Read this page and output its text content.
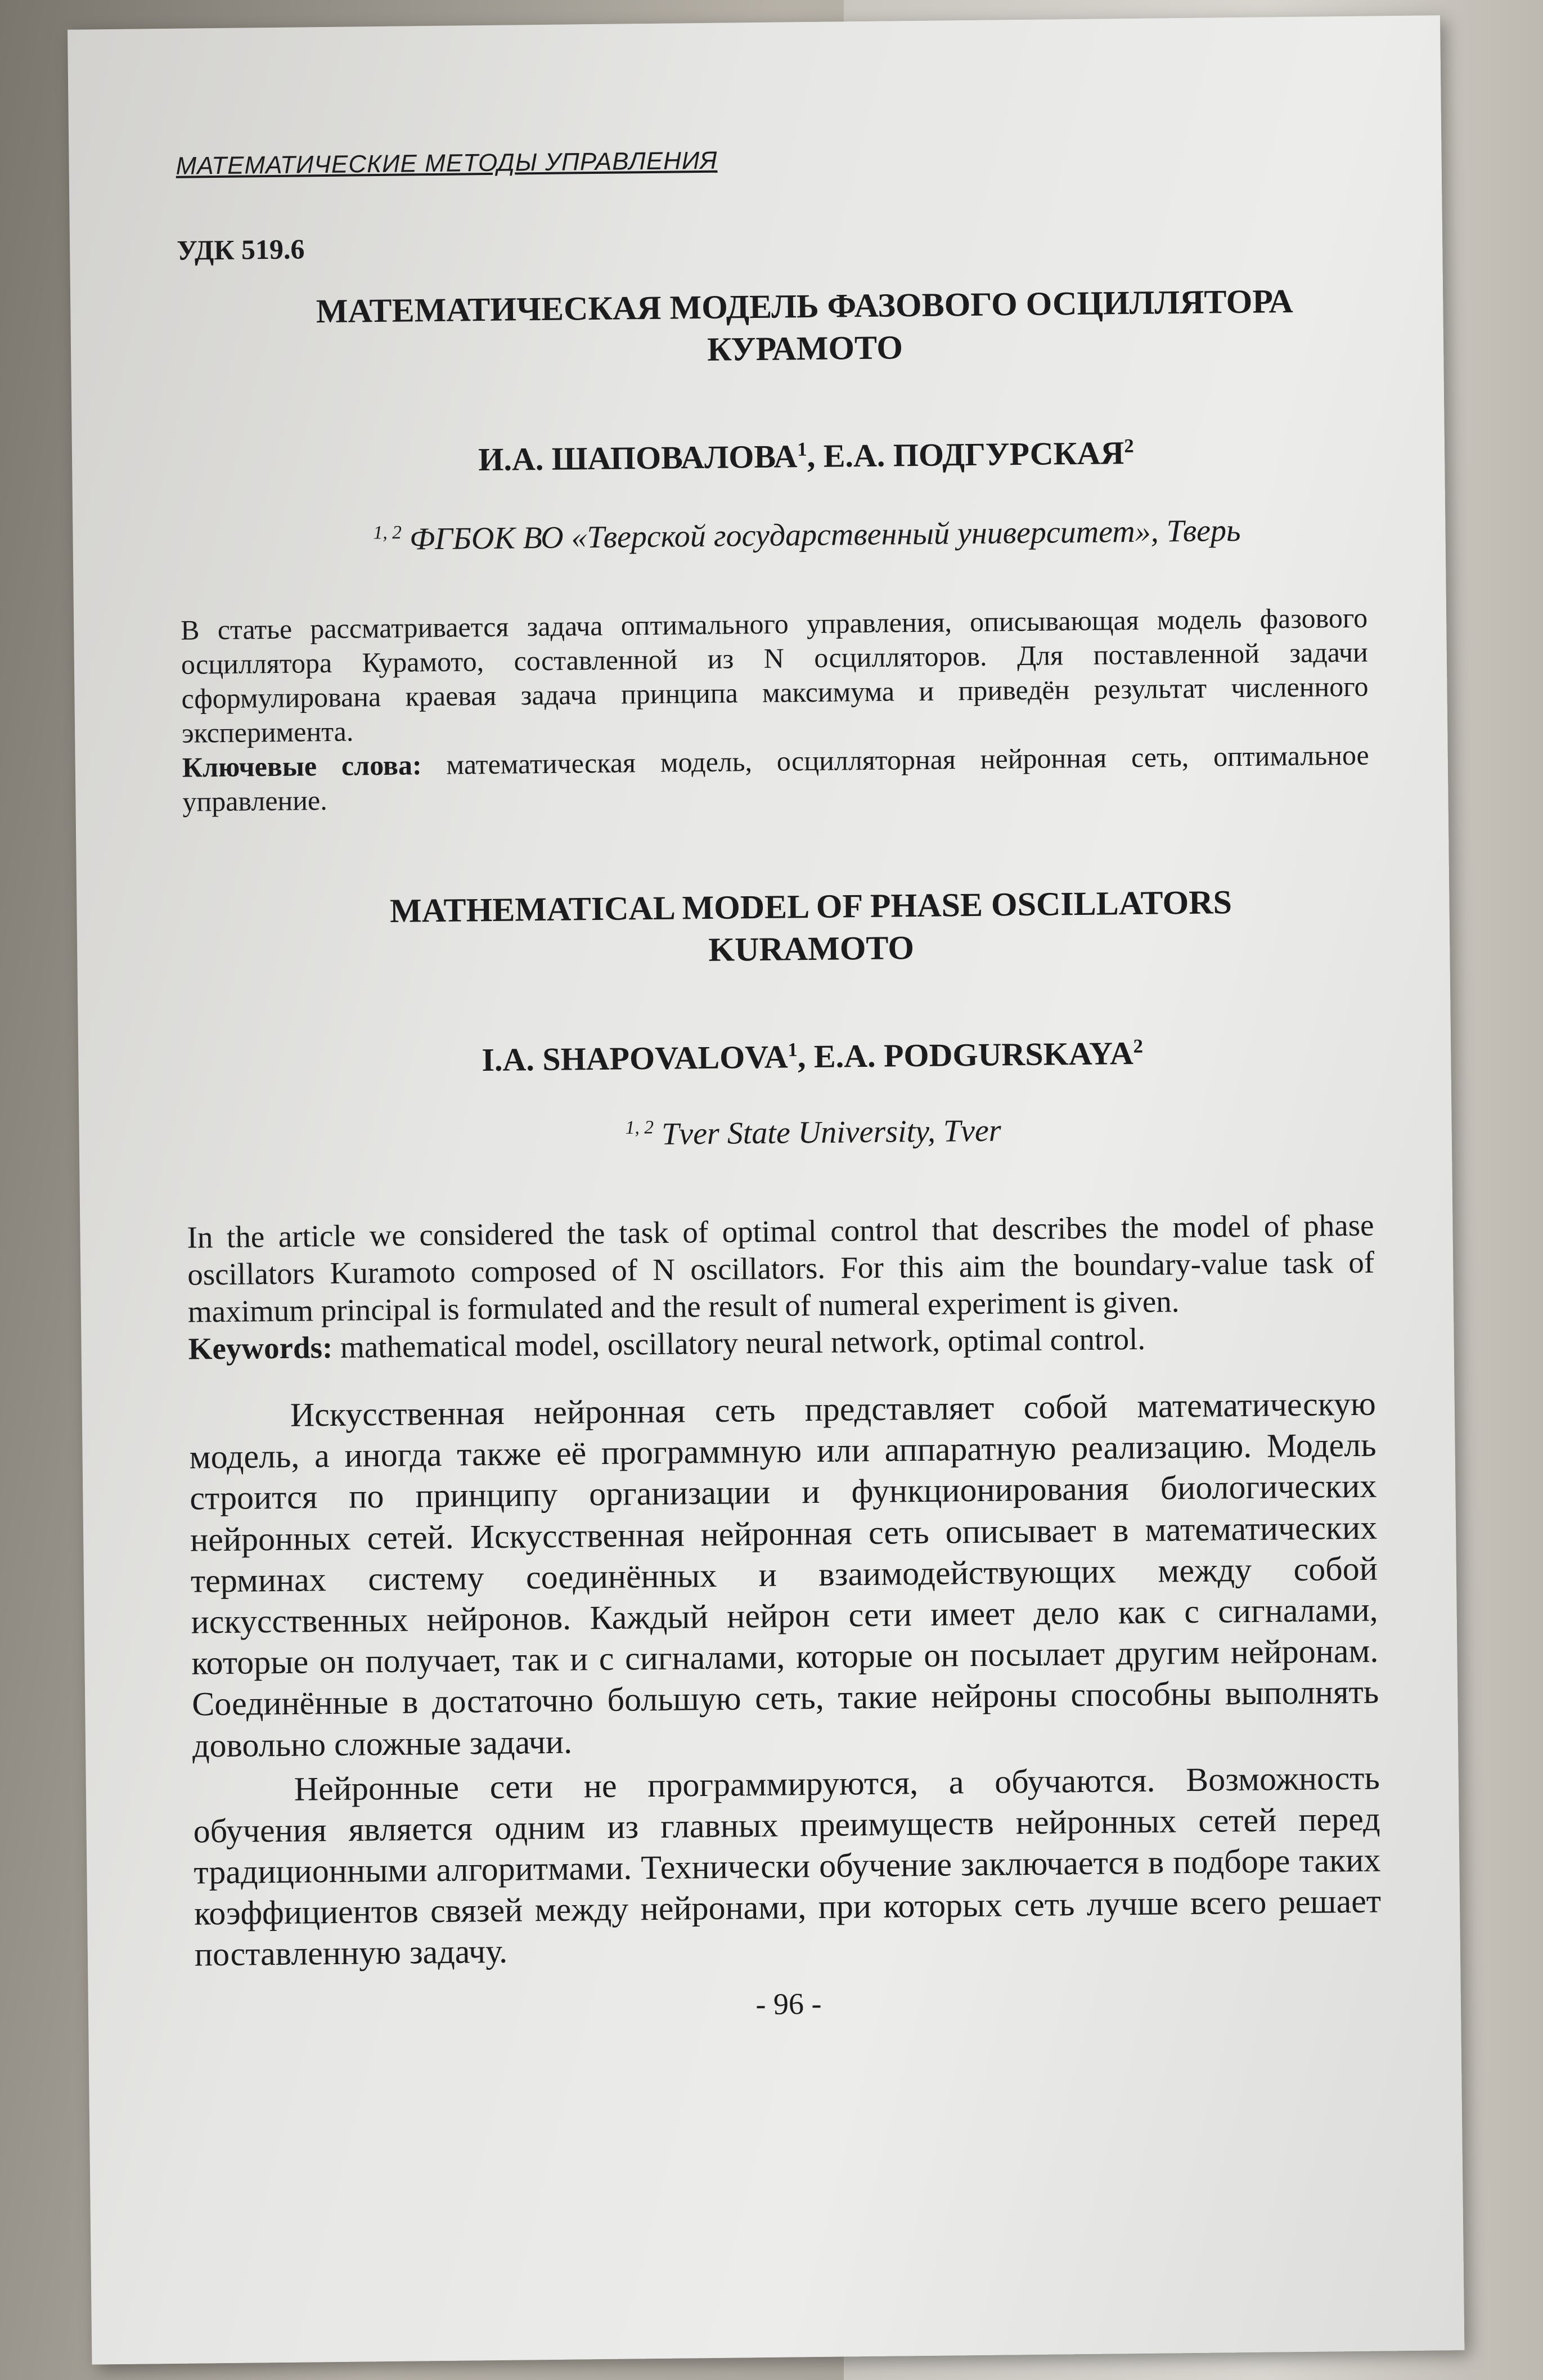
МАТЕМАТИЧЕСКИЕ МЕТОДЫ УПРАВЛЕНИЯ
УДК 519.6
МАТЕМАТИЧЕСКАЯ МОДЕЛЬ ФАЗОВОГО ОСЦИЛЛЯТОРА
КУРАМОТО
И.А. ШАПОВАЛОВА$^1$, Е.А. ПОДГУРСКАЯ$^2$
$^{1, 2}$ ФГБОК ВО «Тверской государственный университет», Тверь
В статье рассматривается задача оптимального управления, описывающая модель фазового осциллятора Курамото, составленной из N осцилляторов. Для поставленной задачи сформулирована краевая задача принципа максимума и приведён результат численного эксперимента.
Ключевые слова: математическая модель, осцилляторная нейронная сеть, оптимальное управление.
MATHEMATICAL MODEL OF PHASE OSCILLATORS
KURAMOTO
I.A. SHAPOVALOVA$^1$, E.A. PODGURSKAYA$^2$
$^{1, 2}$ Tver State University, Tver
In the article we considered the task of optimal control that describes the model of phase oscillators Kuramoto composed of N oscillators. For this aim the boundary-value task of maximum principal is formulated and the result of numeral experiment is given.
Keywords: mathematical model, oscillatory neural network, optimal control.
Искусственная нейронная сеть представляет собой математическую модель, а иногда также её программную или аппаратную реализацию. Модель строится по принципу организации и функционирования биологических нейронных сетей. Искусственная нейронная сеть описывает в математических терминах систему соединённых и взаимодействующих между собой искусственных нейронов. Каждый нейрон сети имеет дело как с сигналами, которые он получает, так и с сигналами, которые он посылает другим нейронам. Соединённые в достаточно большую сеть, такие нейроны способны выполнять довольно сложные задачи.
Нейронные сети не программируются, а обучаются. Возможность обучения является одним из главных преимуществ нейронных сетей перед традиционными алгоритмами. Технически обучение заключается в подборе таких коэффициентов связей между нейронами, при которых сеть лучше всего решает поставленную задачу.
- 96 -
